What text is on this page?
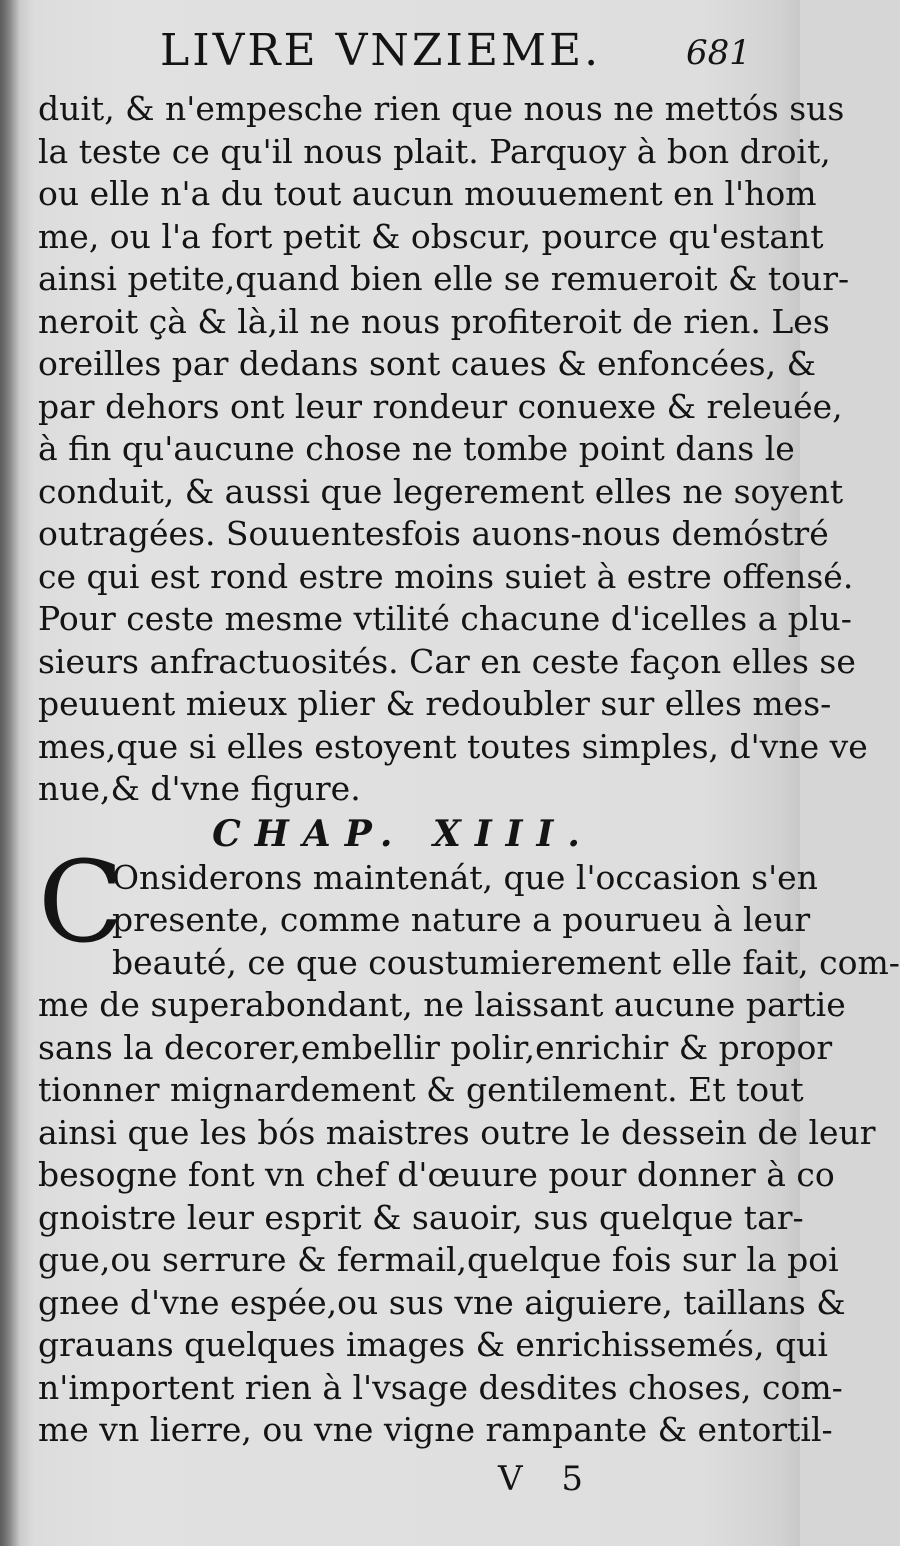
LIVRE VNZIEME. 681
duit, & n'empesche rien que nous ne mettós sus
la teste ce qu'il nous plait. Parquoy à bon droit,
ou elle n'a du tout aucun mouuement en l'hom
me, ou l'a fort petit & obscur, pource qu'estant
ainsi petite,quand bien elle se remueroit & tour-
neroit çà & là,il ne nous profiteroit de rien. Les
oreilles par dedans sont caues & enfoncées, &
par dehors ont leur rondeur conuexe & releuée,
à fin qu'aucune chose ne tombe point dans le
conduit, & aussi que legerement elles ne soyent
outragées. Souuentesfois auons-nous demóstré
ce qui est rond estre moins suiet à estre offensé.
Pour ceste mesme vtilité chacune d'icelles a plu-
sieurs anfractuosités. Car en ceste façon elles se
peuuent mieux plier & redoubler sur elles mes-
mes,que si elles estoyent toutes simples, d'vne ve
nue,& d'vne figure.
CHAP. XIII.
C
Onsiderons maintenát, que l'occasion s'en
presente, comme nature a pourueu à leur
beauté, ce que coustumierement elle fait, com-
me de superabondant, ne laissant aucune partie
sans la decorer,embellir polir,enrichir & propor
tionner mignardement & gentilement. Et tout
ainsi que les bós maistres outre le dessein de leur
besogne font vn chef d'œuure pour donner à co
gnoistre leur esprit & sauoir, sus quelque tar-
gue,ou serrure & fermail,quelque fois sur la poi
gnee d'vne espée,ou sus vne aiguiere, taillans &
grauans quelques images & enrichissemés, qui
n'importent rien à l'vsage desdites choses, com-
me vn lierre, ou vne vigne rampante & entortil-
V 5
